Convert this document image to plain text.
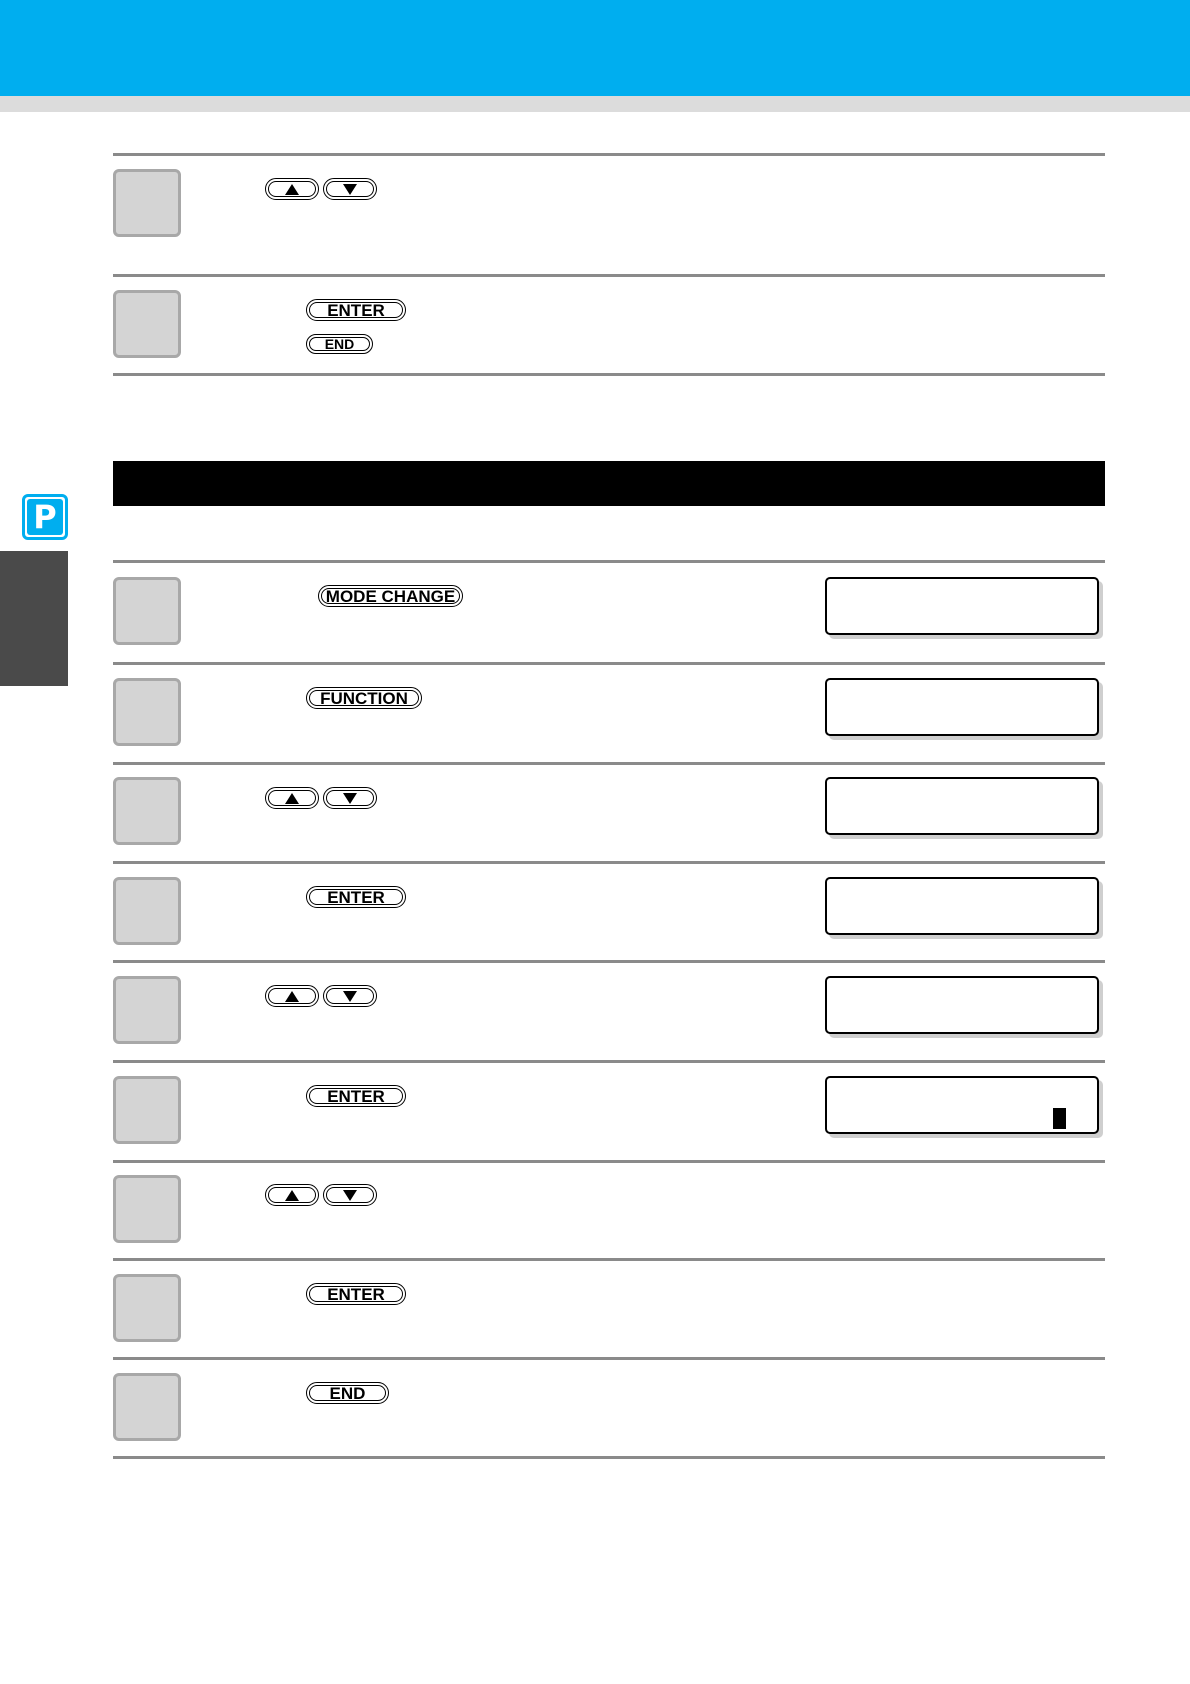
P
ENTER
END
MODE CHANGE
FUNCTION
ENTER
ENTER
ENTER
END
